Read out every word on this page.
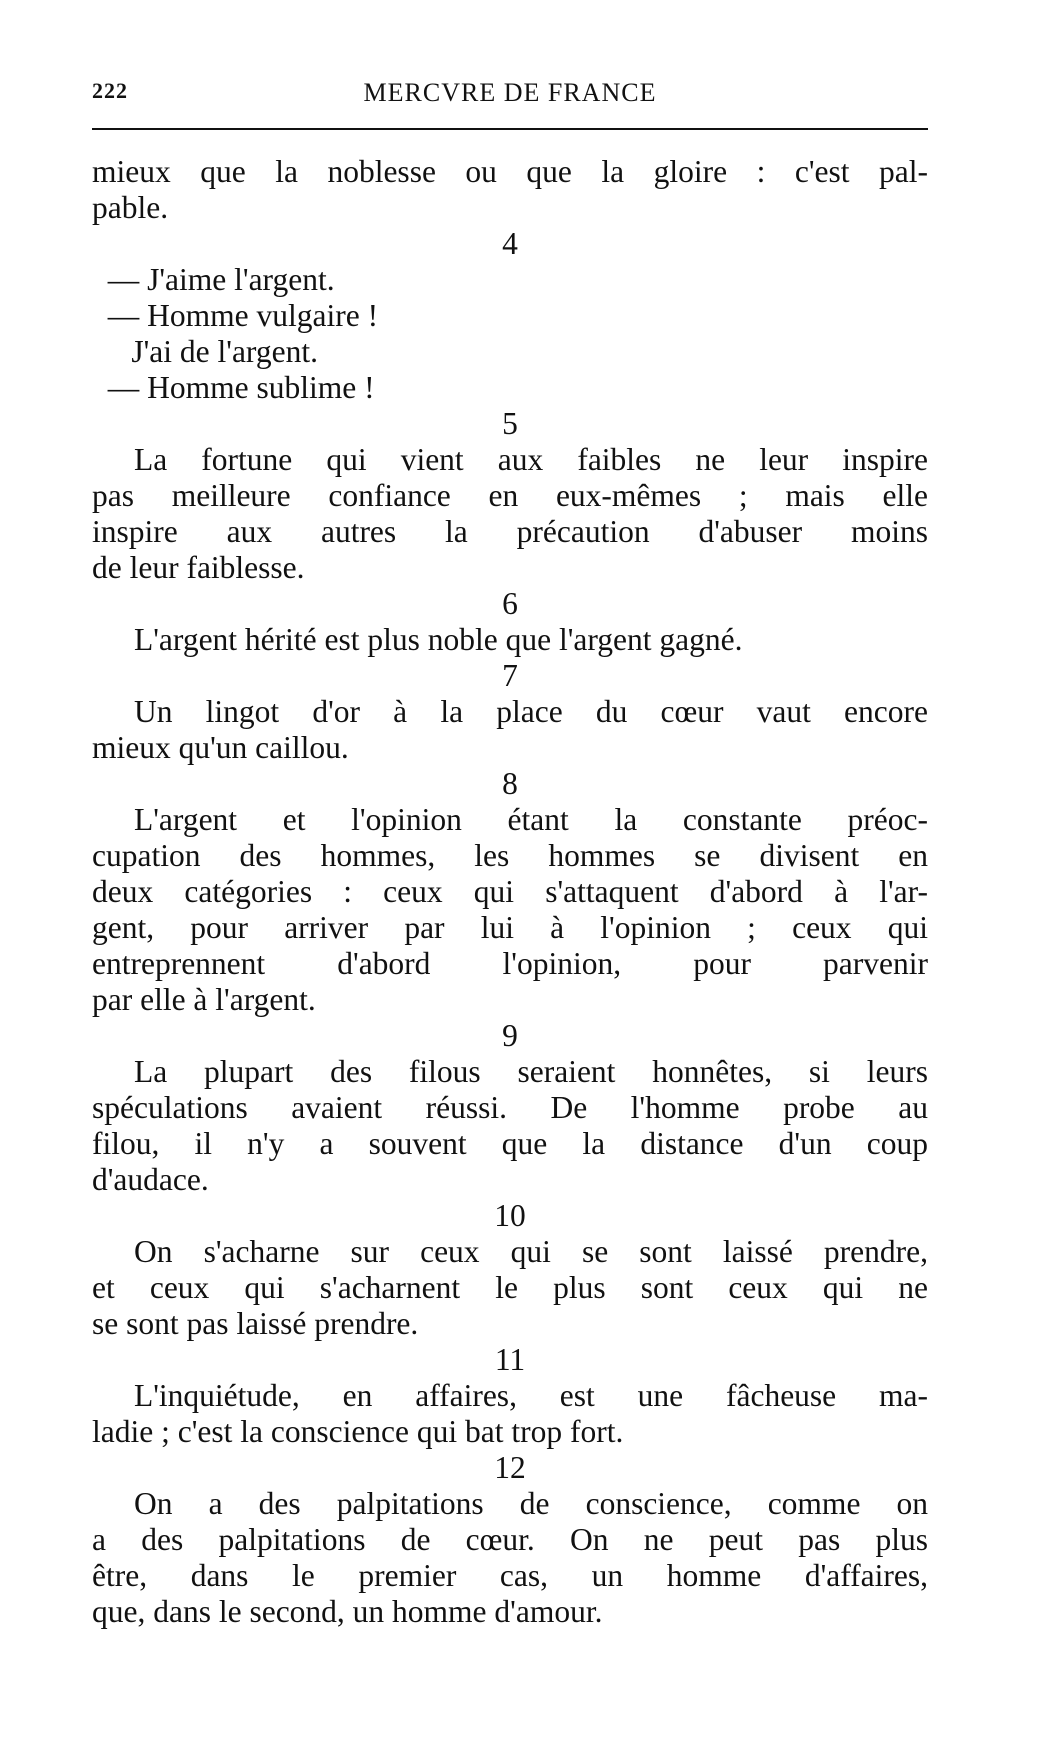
222	MERCVRE DE FRANCE

mieux que la noblesse ou que la gloire : c'est pal-

pable.

4
— J'aime l'argent.
— Homme vulgaire !
J'ai de l'argent.
— Homme sublime !
5

La fortune qui vient aux faibles ne leur inspire

pas meilleure confiance en eux-mêmes ; mais elle

inspire aux autres la précaution d'abuser moins

de leur faiblesse.

6

L'argent hérité est plus noble que l'argent gagné.

7

Un lingot d'or à la place du cœur vaut encore

mieux qu'un caillou.

8

L'argent et l'opinion étant la constante préoc-

cupation des hommes, les hommes se divisent en

deux catégories : ceux qui s'attaquent d'abord à l'ar-

gent, pour arriver par lui à l'opinion ; ceux qui

entreprennent d'abord l'opinion, pour parvenir

par elle à l'argent.

9

La plupart des filous seraient honnêtes, si leurs

spéculations avaient réussi. De l'homme probe au

filou, il n'y a souvent que la distance d'un coup

d'audace.

10

On s'acharne sur ceux qui se sont laissé prendre,

et ceux qui s'acharnent le plus sont ceux qui ne

se sont pas laissé prendre.

11

L'inquiétude, en affaires, est une fâcheuse ma-

ladie ; c'est la conscience qui bat trop fort.

12

On a des palpitations de conscience, comme on

a des palpitations de cœur. On ne peut pas plus

être, dans le premier cas, un homme d'affaires,

que, dans le second, un homme d'amour.
